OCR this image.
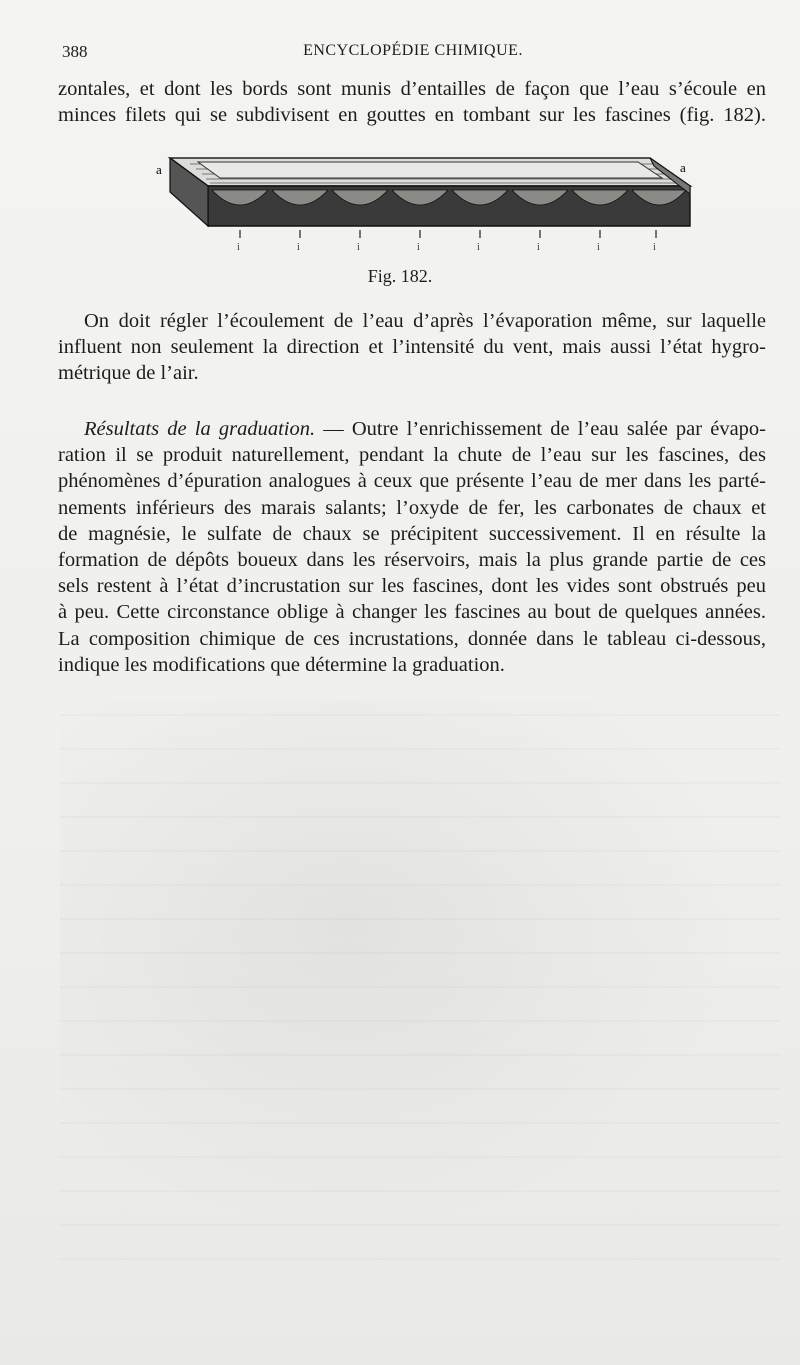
388	ENCYCLOPÉDIE CHIMIQUE.

zontales, et dont les bords sont munis d’entailles de façon que l’eau s’écoule en
minces filets qui se subdivisent en gouttes en tombant sur les fascines (fig. 182).

a	a
i	i	i	i	i	i	i	i
Fig. 182.

On doit régler l’écoulement de l’eau d’après l’évaporation même, sur laquelle
influent non seulement la direction et l’intensité du vent, mais aussi l’état hygro-
métrique de l’air.

Résultats de la graduation. — Outre l’enrichissement de l’eau salée par évapo-
ration il se produit naturellement, pendant la chute de l’eau sur les fascines, des
phénomènes d’épuration analogues à ceux que présente l’eau de mer dans les parté-
nements inférieurs des marais salants; l’oxyde de fer, les carbonates de chaux et
de magnésie, le sulfate de chaux se précipitent successivement. Il en résulte la
formation de dépôts boueux dans les réservoirs, mais la plus grande partie de ces
sels restent à l’état d’incrustation sur les fascines, dont les vides sont obstrués peu
à peu. Cette circonstance oblige à changer les fascines au bout de quelques années.
La composition chimique de ces incrustations, donnée dans le tableau ci-dessous,
indique les modifications que détermine la graduation.
